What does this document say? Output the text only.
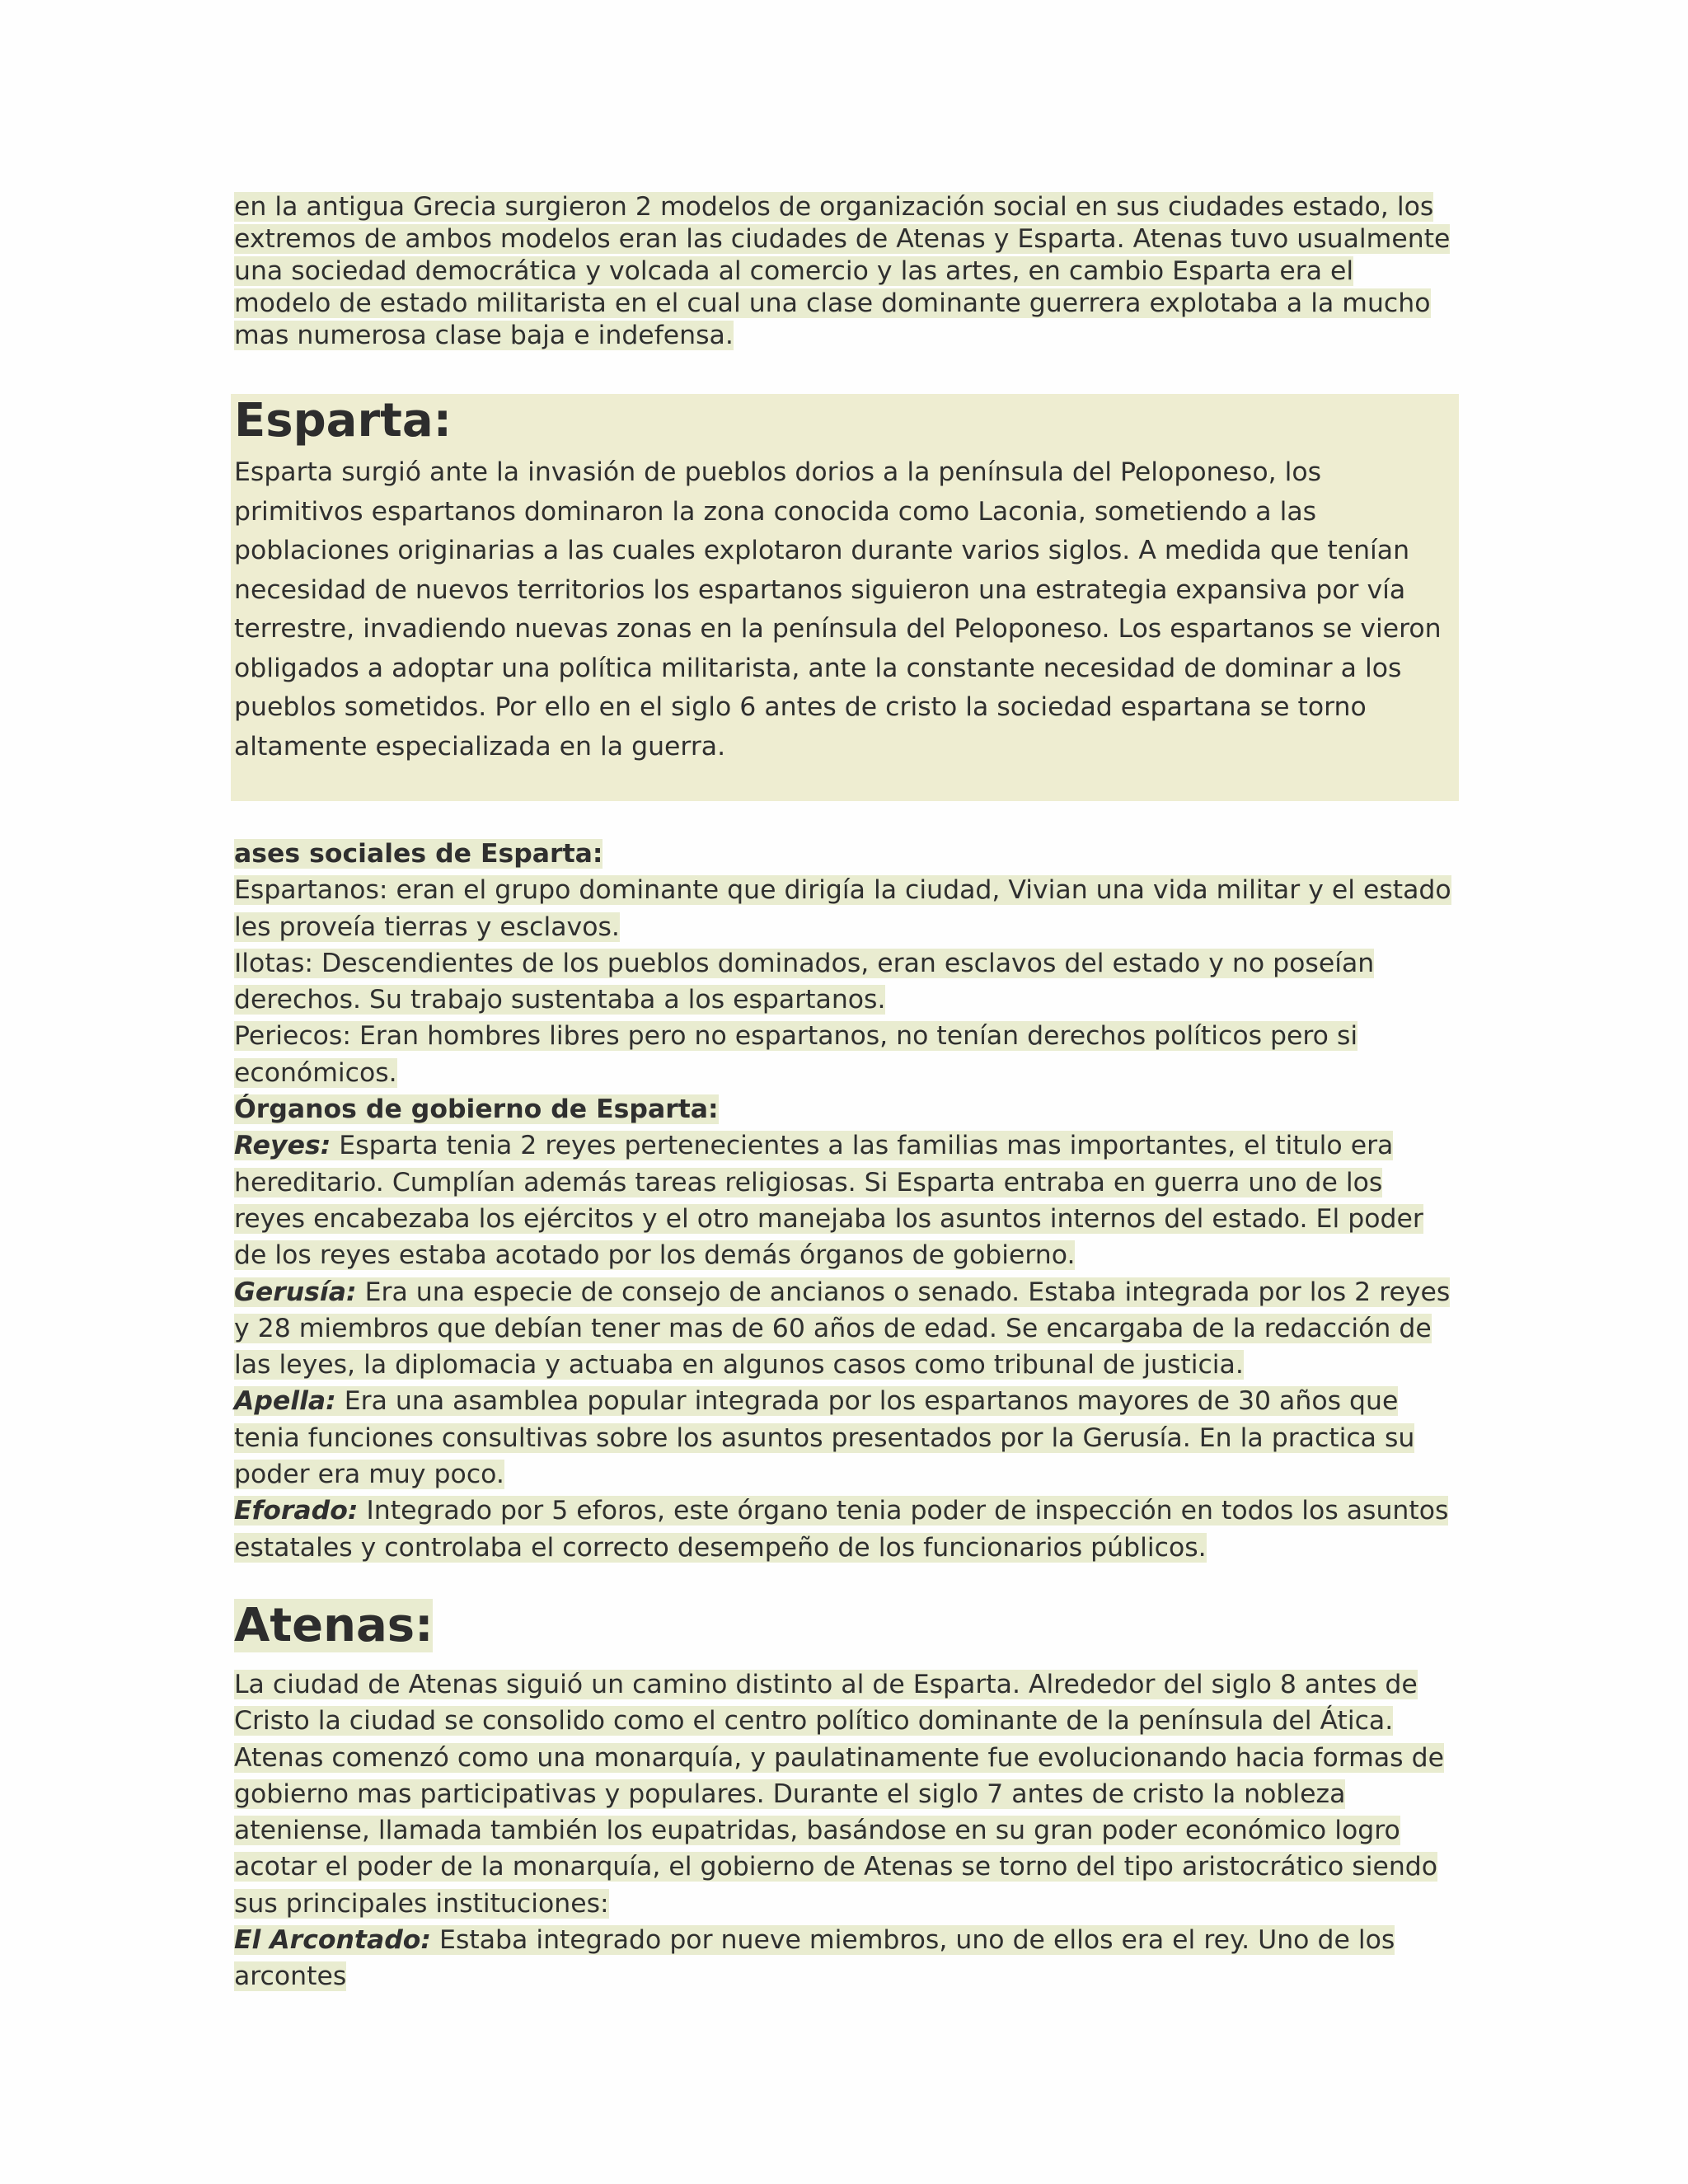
en la antigua Grecia surgieron 2 modelos de organización social en sus ciudades estado, los extremos de ambos modelos eran las ciudades de Atenas y Esparta. Atenas tuvo usualmente una sociedad democrática y volcada al comercio y las artes, en cambio Esparta era el modelo de estado militarista en el cual una clase dominante guerrera explotaba a la mucho mas numerosa clase baja e indefensa.
Esparta:
Esparta surgió ante la invasión de pueblos dorios a la península del Peloponeso, los primitivos espartanos dominaron la zona conocida como Laconia, sometiendo a las poblaciones originarias a las cuales explotaron durante varios siglos. A medida que tenían necesidad de nuevos territorios los espartanos siguieron una estrategia expansiva por vía terrestre, invadiendo nuevas zonas en la península del Peloponeso. Los espartanos se vieron obligados a adoptar una política militarista, ante la constante necesidad de dominar a los pueblos sometidos. Por ello en el siglo 6 antes de cristo la sociedad espartana se torno altamente especializada en la guerra.

ases sociales de Esparta:

Espartanos: eran el grupo dominante que dirigía la ciudad, Vivian una vida militar y el estado les proveía tierras y esclavos.

Ilotas: Descendientes de los pueblos dominados, eran esclavos del estado y no poseían derechos. Su trabajo sustentaba a los espartanos.

Periecos: Eran hombres libres pero no espartanos, no tenían derechos políticos pero si económicos.

Órganos de gobierno de Esparta:

Reyes: Esparta tenia 2 reyes pertenecientes a las familias mas importantes, el titulo era hereditario. Cumplían además tareas religiosas. Si Esparta entraba en guerra uno de los reyes encabezaba los ejércitos y el otro manejaba los asuntos internos del estado. El poder de los reyes estaba acotado por los demás órganos de gobierno.

Gerusía: Era una especie de consejo de ancianos o senado. Estaba integrada por los 2 reyes y 28 miembros que debían tener mas de 60 años de edad. Se encargaba de la redacción de las leyes, la diplomacia y actuaba en algunos casos como tribunal de justicia.

Apella: Era una asamblea popular integrada por los espartanos mayores de 30 años que tenia funciones consultivas sobre los asuntos presentados por la Gerusía. En la practica su poder era muy poco.

Eforado: Integrado por 5 eforos, este órgano tenia poder de inspección en todos los asuntos estatales y controlaba el correcto desempeño de los funcionarios públicos.

Atenas:

La ciudad de Atenas siguió un camino distinto al de Esparta. Alrededor del siglo 8 antes de Cristo la ciudad se consolido como el centro político dominante de la península del Ática. Atenas comenzó como una monarquía, y paulatinamente fue evolucionando hacia formas de gobierno mas participativas y populares. Durante el siglo 7 antes de cristo la nobleza ateniense, llamada también los eupatridas, basándose en su gran poder económico logro acotar el poder de la monarquía, el gobierno de Atenas se torno del tipo aristocrático siendo sus principales instituciones:

El Arcontado: Estaba integrado por nueve miembros, uno de ellos era el rey. Uno de los arcontes
